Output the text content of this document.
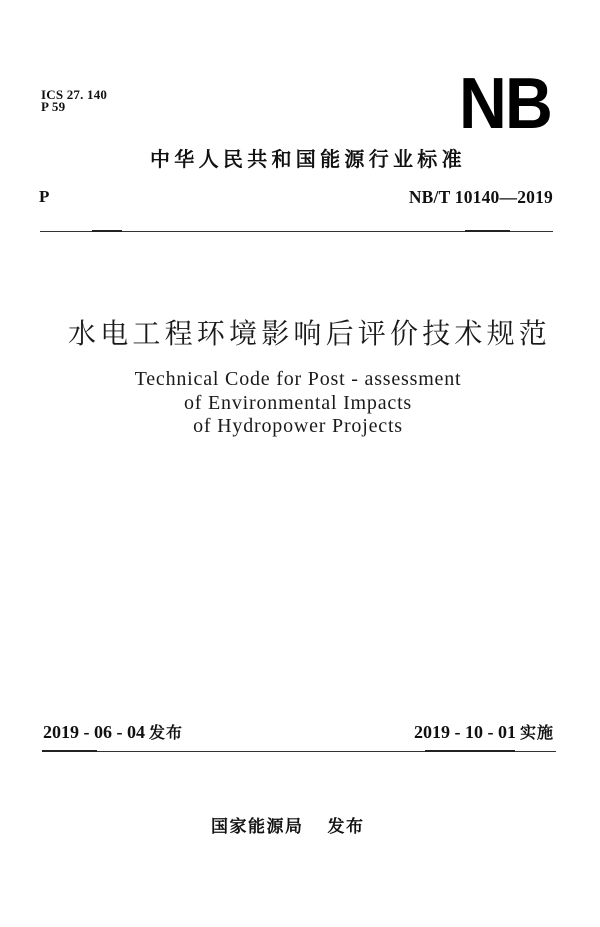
ICS 27. 140
P 59	NB
中华人民共和国能源行业标准
P	NB/T 10140—2019
水电工程环境影响后评价技术规范
Technical Code for Post - assessment
of Environmental Impacts
of Hydropower Projects
2019 - 06 - 04 发布	2019 - 10 - 01 实施
国家能源局 发布
